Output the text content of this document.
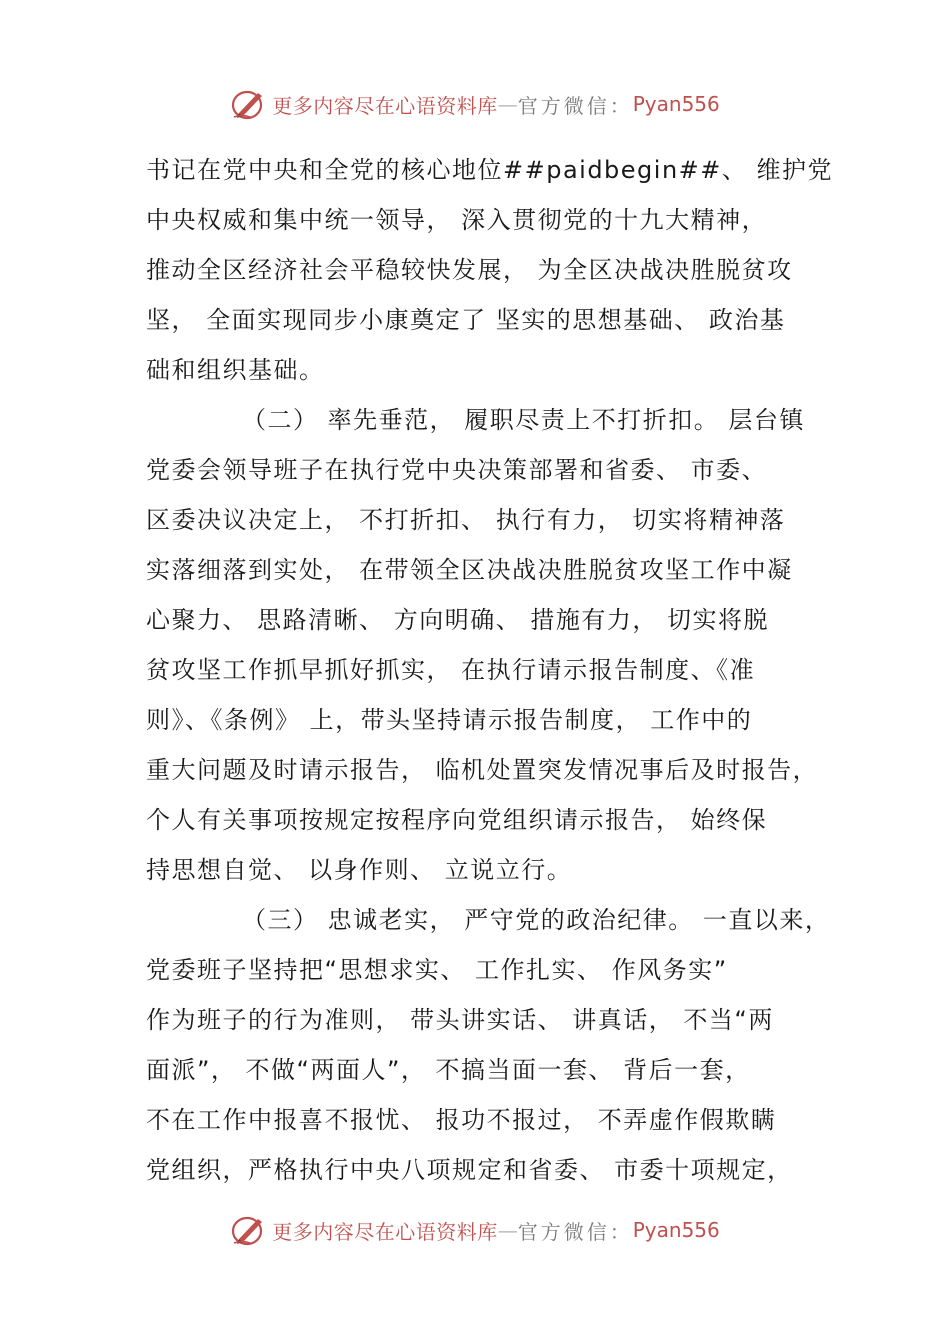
更多内容尽在心语资料库 — 官方微信： Pyan556
书记在党中央和全党的核心地位##paidbegin##、 维护党
中央权威和集中统一领导， 深入贯彻党的十九大精神，
推动全区经济社会平稳较快发展， 为全区决战决胜脱贫攻
坚， 全面实现同步小康奠定了 坚实的思想基础、 政治基
础和组织基础。
（二） 率先垂范， 履职尽责上不打折扣。 层台镇
党委会领导班子在执行党中央决策部署和省委、 市委、
区委决议决定上， 不打折扣、 执行有力， 切实将精神落
实落细落到实处， 在带领全区决战决胜脱贫攻坚工作中凝
心聚力、 思路清晰、 方向明确、 措施有力， 切实将脱
贫攻坚工作抓早抓好抓实， 在执行请示报告制度、《准
则》、《条例》 上，带头坚持请示报告制度， 工作中的
重大问题及时请示报告， 临机处置突发情况事后及时报告，
个人有关事项按规定按程序向党组织请示报告， 始终保
持思想自觉、 以身作则、 立说立行。
（三） 忠诚老实， 严守党的政治纪律。 一直以来，
党委班子坚持把“思想求实、 工作扎实、 作风务实”
作为班子的行为准则， 带头讲实话、 讲真话， 不当“两
面派”， 不做“两面人”， 不搞当面一套、 背后一套，
不在工作中报喜不报忧、 报功不报过， 不弄虚作假欺瞒
党组织，严格执行中央八项规定和省委、 市委十项规定，
更多内容尽在心语资料库 — 官方微信： Pyan556
